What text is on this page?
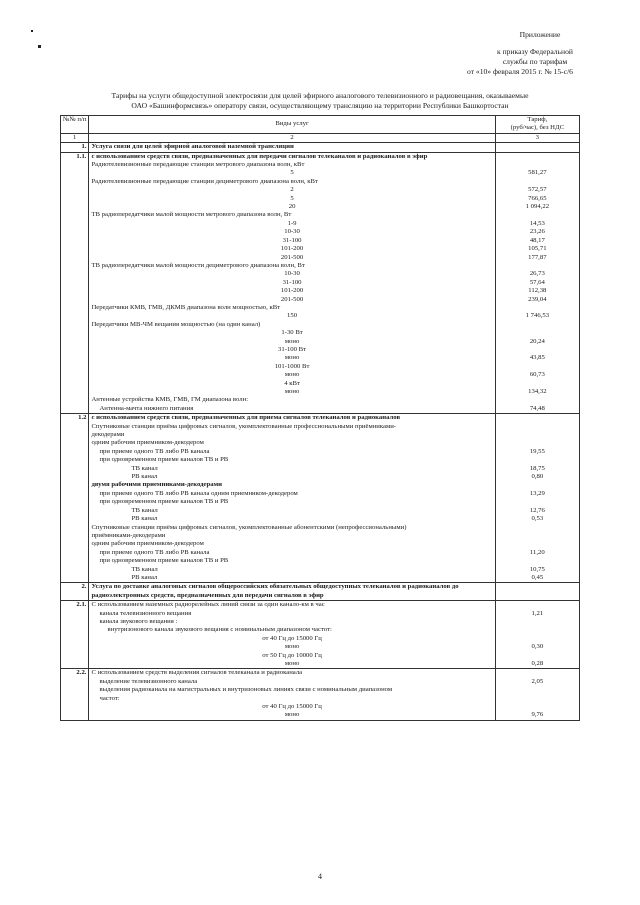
Приложение
к приказу Федеральной
службы по тарифам
от «10» февраля 2015 г. № 15-с/6
Тарифы на услуги общедоступной электросвязи для целей эфирного аналогового телевизионного и радиовещания, оказываемые
ОАО «Башинформсвязь» оператору связи, осуществляющему трансляцию на территории Республики Башкортостан
№№ п/п	Виды услуг	Тариф,
(руб/час), без НДС

1	2	3
1.	Услуга связи для целей эфирной аналоговой наземной трансляции	
1.1.	с использованием средств связи, предназначенных для передачи сигналов телеканалов и радиоканалов в эфир	
	Радиотелевизионные передающие станции метрового диапазона волн, кВт	

	5	581,27
	Радиотелевизионные передающие станции дециметрового диапазона волн, кВт	

	2	572,57

	5	766,65

	20	1 094,22
	ТВ радиопередатчики малой мощности метрового диапазона волн, Вт	

	1-9	14,53

	10-30	23,26

	31-100	48,17

	101-200	105,71

	201-500	177,87
	ТВ радиопередатчики малой мощности дециметрового диапазона волн, Вт	

	10-30	26,73

	31-100	57,64

	101-200	112,38

	201-500	239,04
	Передатчики КМВ, ГМВ, ДКМВ диапазона волн мощностью, кВт	

	150	1 746,53
	Передатчики МВ-ЧМ вещания мощностью (на один канал)	

	1-30 Вт	

	моно	20,24

	31-100 Вт	

	моно	43,85

	101-1000 Вт	

	моно	60,73

	4 кВт	

	моно	134,32
	Антенные устройства КМВ, ГМВ, ГМ диапазона волн:	

	Антенна-мачта нижнего питания	74,48
1.2	с использованием средств связи, предназначенных для приема сигналов телеканалов и радиоканалов	
	Спутниковые станции приёма цифровых сигналов, укомплектованные профессиональными приёмниками-	
	декодерами	
	одним рабочим приемником-декодером	

	при приеме одного ТВ либо РВ канала	19,55

	при одновременном приеме каналов ТВ и РВ	

	ТВ канал	18,75

	РВ канал	0,80
	двумя рабочими приемниками-декодерами	

	при приеме одного ТВ либо РВ канала одним приемником-декодером	13,29

	при одновременном приеме каналов ТВ и РВ	

	ТВ канал	12,76

	РВ канал	0,53
	Спутниковые станции приёма цифровых сигналов, укомплектованные абонентскими (непрофессиональными)	
	приёмниками-декодерами	
	одним рабочим приемником-декодером	

	при приеме одного ТВ либо РВ канала	11,20

	при одновременном приеме каналов ТВ и РВ	

	ТВ канал	10,75

	РВ канал	0,45
2.	Услуга по доставке аналоговых сигналов общероссийских обязательных общедоступных телеканалов и радиоканалов до	
	радиоэлектронных средств, предназначенных для передачи сигналов в эфир	
2.1.	С использованием наземных радиорелейных линий связи за один канало-км в час	

	канала телевизионного вещания	1,21

	канала звукового вещания :	

	внутризонового канала звукового вещания с номинальным диапазоном частот:	

	от 40 Гц до 15000 Гц	

	моно	0,30

	от 50 Гц до 10000 Гц	

	моно	0,28
2.2.	С использованием средств выделения сигналов телеканала и радиоканала	

	выделение телевизионного канала	2,05

	выделения радиоканала на магистральных и внутризоновых линиях связи с номинальным диапазоном	

	частот:	

	от 40 Гц до 15000 Гц	

	моно	9,76
4
